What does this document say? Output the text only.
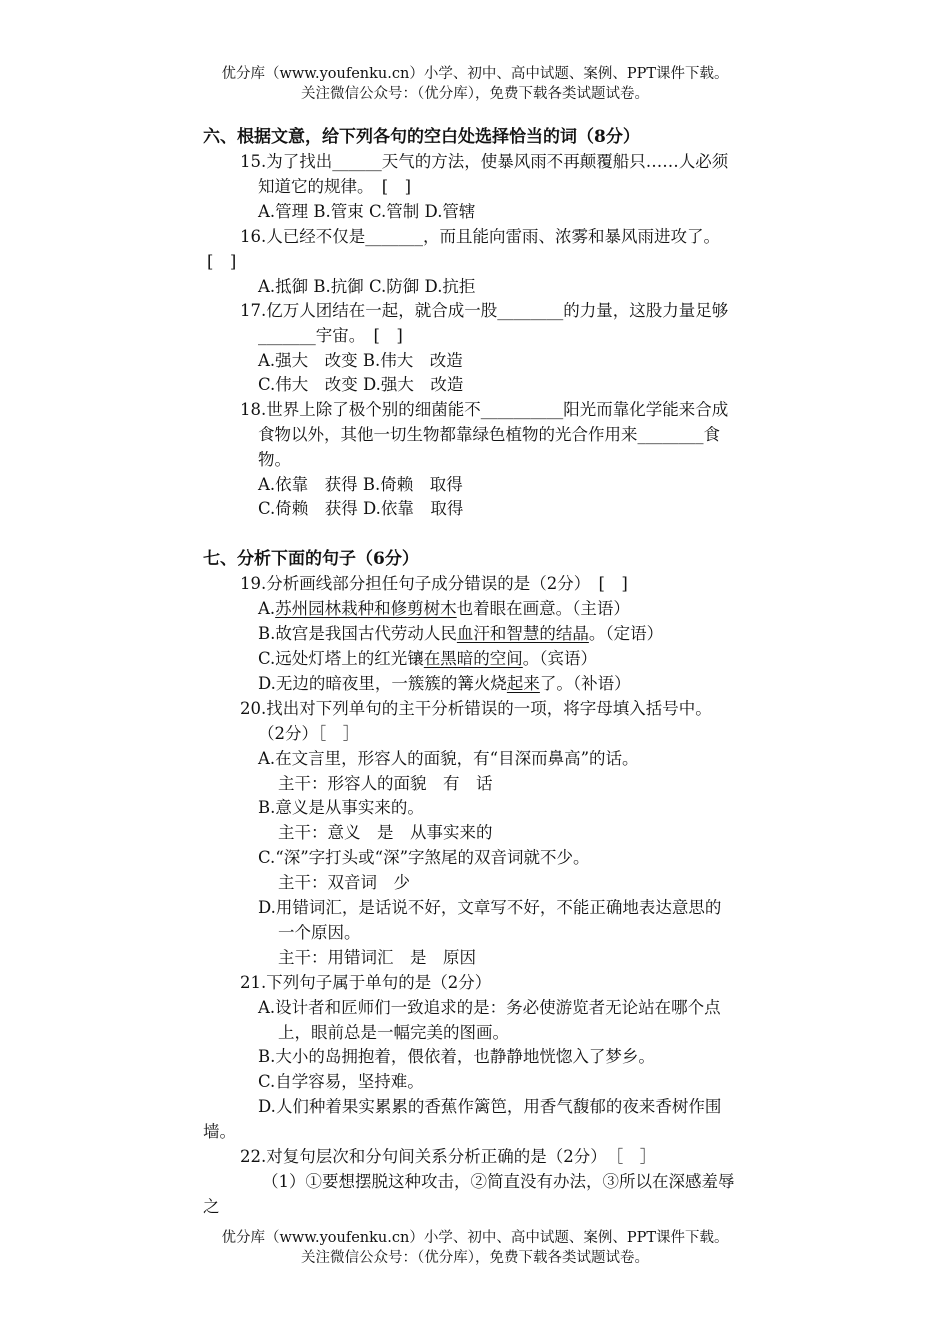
优分库（www.youfenku.cn）小学、初中、高中试题、案例、PPT课件下载。
关注微信公众号：（优分库），免费下载各类试题试卷。
六、根据文意，给下列各句的空白处选择恰当的词（8分）
15.为了找出______天气的方法，使暴风雨不再颠覆船只……人必须
知道它的规律。　[　]
A.管理 B.管束 C.管制 D.管辖
16.人已经不仅是_______，而且能向雷雨、浓雾和暴风雨进攻了。
[　]
A.抵御 B.抗御 C.防御 D.抗拒
17.亿万人团结在一起，就合成一股________的力量，这股力量足够
_______宇宙。　[　]
A.强大　改变 B.伟大　改造
C.伟大　改变 D.强大　改造
18.世界上除了极个别的细菌能不__________阳光而靠化学能来合成
食物以外，其他一切生物都靠绿色植物的光合作用来________食
物。
A.依靠　获得 B.倚赖　取得
C.倚赖　获得 D.依靠　取得
七、分析下面的句子（6分）
19.分析画线部分担任句子成分错误的是（2分）　[　]
A.苏州园林栽种和修剪树木也着眼在画意。（主语）
B.故宫是我国古代劳动人民血汗和智慧的结晶。（定语）
C.远处灯塔上的红光镶在黑暗的空间。（宾语）
D.无边的暗夜里，一簇簇的篝火烧起来了。（补语）
20.找出对下列单句的主干分析错误的一项，将字母填入括号中。
（2分）［　］
A.在文言里，形容人的面貌，有“目深而鼻高”的话。
主干：形容人的面貌　有　话
B.意义是从事实来的。
主干：意义　是　从事实来的
C.“深”字打头或“深”字煞尾的双音词就不少。
主干：双音词　少
D.用错词汇，是话说不好，文章写不好，不能正确地表达意思的
一个原因。
主干：用错词汇　是　原因
21.下列句子属于单句的是（2分）
A.设计者和匠师们一致追求的是：务必使游览者无论站在哪个点
上，眼前总是一幅完美的图画。
B.大小的岛拥抱着，偎依着，也静静地恍惚入了梦乡。
C.自学容易，坚持难。
D.人们种着果实累累的香蕉作篱笆，用香气馥郁的夜来香树作围
墙。
22.对复句层次和分句间关系分析正确的是（2分）　［　］
（1）①要想摆脱这种攻击，②简直没有办法，③所以在深感羞辱
之
优分库（www.youfenku.cn）小学、初中、高中试题、案例、PPT课件下载。
关注微信公众号：（优分库），免费下载各类试题试卷。
